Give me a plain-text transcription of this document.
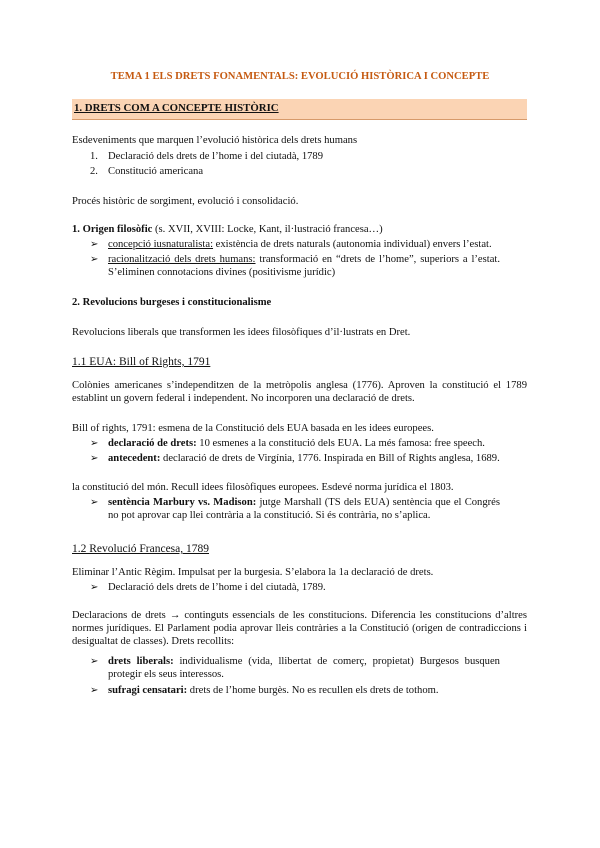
TEMA 1 ELS DRETS FONAMENTALS: EVOLUCIÓ HISTÒRICA I CONCEPTE
1. DRETS COM A CONCEPTE HISTÒRIC
Esdeveniments que marquen l’evolució històrica dels drets humans
1. Declaració dels drets de l’home i del ciutadà, 1789
2. Constitució americana
Procés històric de sorgiment, evolució i consolidació.
1. Origen filosòfic (s. XVII, XVIII: Locke, Kant, il·lustració francesa…)
➢ concepció iusnaturalista: existència de drets naturals (autonomia individual) envers l’estat.
➢ racionalització dels drets humans: transformació en “drets de l’home”, superiors a l’estat. S’eliminen connotacions divines (positivisme jurídic)
2. Revolucions burgeses i constitucionalisme
Revolucions liberals que transformen les idees filosòfiques d’il·lustrats en Dret.
1.1 EUA: Bill of Rights, 1791
Colònies americanes s’independitzen de la metròpolis anglesa (1776). Aproven la constitució el 1789 establint un govern federal i independent. No incorporen una declaració de drets.
Bill of rights, 1791: esmena de la Constitució dels EUA basada en les idees europees.
➢ declaració de drets: 10 esmenes a la constitució dels EUA. La més famosa: free speech.
➢ antecedent: declaració de drets de Virgínia, 1776. Inspirada en Bill of Rights anglesa, 1689.
la constitució del món. Recull idees filosòfiques europees. Esdevé norma jurídica el 1803.
➢ sentència Marbury vs. Madison: jutge Marshall (TS dels EUA) sentència que el Congrés no pot aprovar cap llei contrària a la constitució. Si és contrària, no s’aplica.
1.2 Revolució Francesa, 1789
Eliminar l’Antic Règim. Impulsat per la burgesia. S’elabora la 1a declaració de drets.
➢ Declaració dels drets de l’home i del ciutadà, 1789.
Declaracions de drets → continguts essencials de les constitucions. Diferencia les constitucions d’altres normes jurídiques. El Parlament podia aprovar lleis contràries a la Constitució (origen de contradiccions i desigualtat de classes). Drets recollits:
➢ drets liberals: individualisme (vida, llibertat de comerç, propietat) Burgesos busquen protegir els seus interessos.
➢ sufragi censatari: drets de l’home burgès. No es recullen els drets de tothom.
